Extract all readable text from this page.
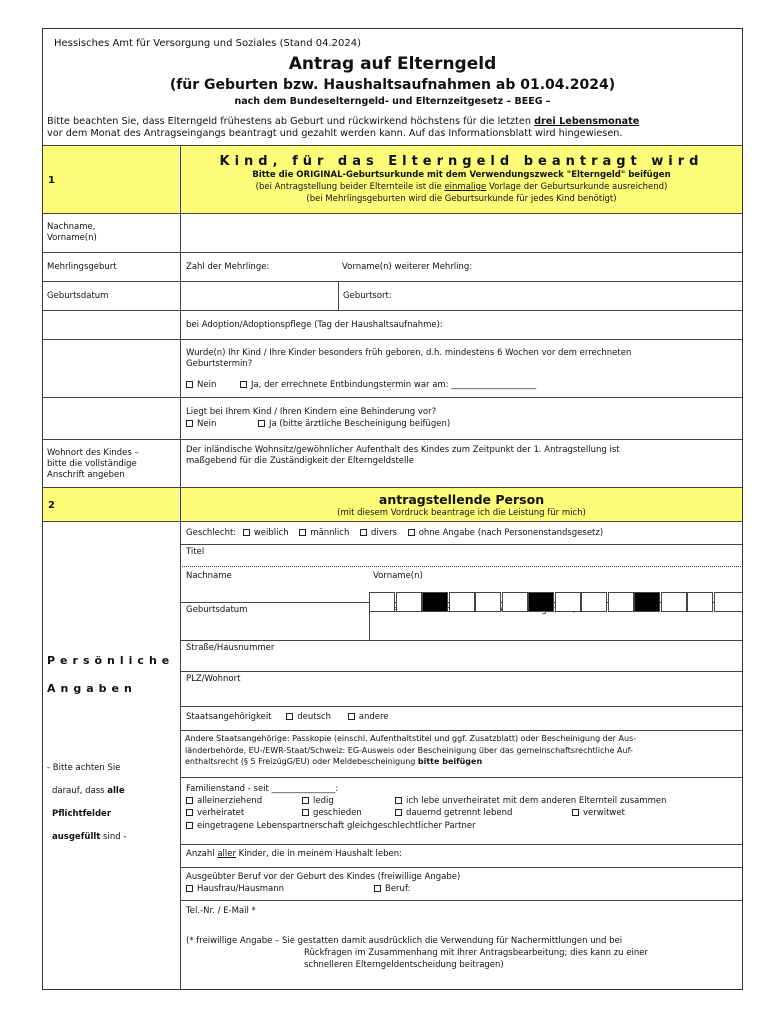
Hessisches Amt für Versorgung und Soziales (Stand 04.2024)
Antrag auf Elterngeld
(für Geburten bzw. Haushaltsaufnahmen ab 01.04.2024)
nach dem Bundeselterngeld- und Elternzeitgesetz – BEEG –
Bitte beachten Sie, dass Elterngeld frühestens ab Geburt und rückwirkend höchstens für die letzten drei Lebensmonate
vor dem Monat des Antragseingangs beantragt und gezahlt werden kann. Auf das Informationsblatt wird hingewiesen.
1
Kind, für das Elterngeld beantragt wird
Bitte die ORIGINAL-Geburtsurkunde mit dem Verwendungszweck "Elterngeld" beifügen
(bei Antragstellung beider Elternteile ist die einmalige Vorlage der Geburtsurkunde ausreichend)
(bei Mehrlingsgeburten wird die Geburtsurkunde für jedes Kind benötigt)
Nachname,
Vorname(n)
Mehrlingsgeburt	Zahl der Mehrlinge:	Vorname(n) weiterer Mehrling:
Geburtsdatum	Geburtsort:
bei Adoption/Adoptionspflege (Tag der Haushaltsaufnahme):
Wurde(n) Ihr Kind / Ihre Kinder besonders früh geboren, d.h. mindestens 6 Wochen vor dem errechneten
Geburtstermin?
Nein	Ja, der errechnete Entbindungstermin war am: ____________________
Liegt bei Ihrem Kind / Ihren Kindern eine Behinderung vor?
Nein	Ja (bitte ärztliche Bescheinigung beifügen)
Wohnort des Kindes –
bitte die vollständige
Anschrift angeben
Der inländische Wohnsitz/gewöhnlicher Aufenthalt des Kindes zum Zeitpunkt der 1. Antragstellung ist
maßgebend für die Zuständigkeit der Elterngeldstelle
2	antragstellende Person
(mit diesem Vordruck beantrage ich die Leistung für mich)
Persönliche
Angaben
- Bitte achten Sie
darauf, dass alle
Pflichtfelder
ausgefüllt sind -
Geschlecht: weiblich	männlich	divers	ohne Angabe (nach Personenstandsgesetz)
Titel
Nachname	Vorname(n)
Geburtsdatum
Straße/Hausnummer
PLZ/Wohnort
Staatsangehörigkeit	deutsch	andere
Andere Staatsangehörige: Passkopie (einschl. Aufenthaltstitel und ggf. Zusatzblatt) oder Bescheinigung der Aus-
länderbehörde, EU-/EWR-Staat/Schweiz: EG-Ausweis oder Bescheinigung über das gemeinschaftsrechtliche Auf-
enthaltsrecht (§ 5 FreizügG/EU) oder Meldebescheinigung bitte beifügen
Familienstand - seit _______________:
alleinerziehend	ledig	ich lebe unverheiratet mit dem anderen Elternteil zusammen
verheiratet	geschieden	dauernd getrennt lebend	verwitwet
eingetragene Lebenspartnerschaft gleichgeschlechtlicher Partner
Anzahl aller Kinder, die in meinem Haushalt leben:
Ausgeübter Beruf vor der Geburt des Kindes (freiwillige Angabe)
Hausfrau/Hausmann	Beruf:
Tel.-Nr. / E-Mail *
(* freiwillige Angabe – Sie gestatten damit ausdrücklich die Verwendung für Nachermittlungen und bei
Rückfragen im Zusammenhang mit Ihrer Antragsbearbeitung; dies kann zu einer
schnelleren Elterngeldentscheidung beitragen)
